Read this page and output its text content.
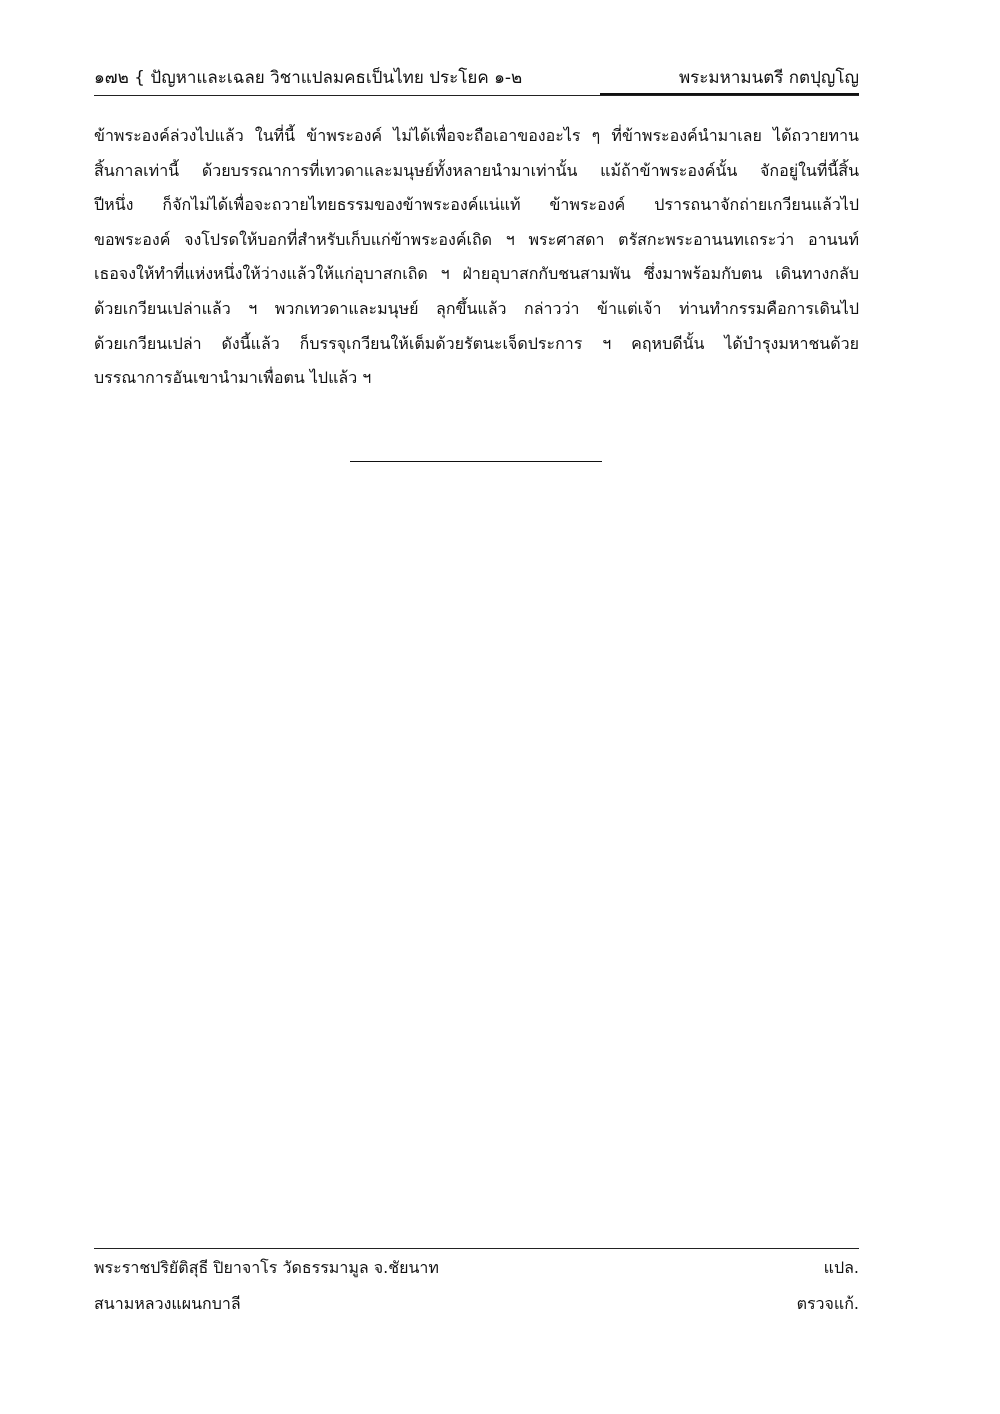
๑๗๒ { ปัญหาและเฉลย วิชาแปลมคธเป็นไทย ประโยค ๑-๒	พระมหามนตรี กตปุญโญ
ข้าพระองค์ล่วงไปแล้ว ในที่นี้ ข้าพระองค์ ไม่ได้เพื่อจะถือเอาของอะไร ๆ ที่ข้าพระองค์นำมาเลย ได้ถวายทาน
สิ้นกาลเท่านี้ ด้วยบรรณาการที่เทวดาและมนุษย์ทั้งหลายนำมาเท่านั้น แม้ถ้าข้าพระองค์นั้น จักอยู่ในที่นี้สิ้น
ปีหนึ่ง ก็จักไม่ได้เพื่อจะถวายไทยธรรมของข้าพระองค์แน่แท้ ข้าพระองค์ ปรารถนาจักถ่ายเกวียนแล้วไป
ขอพระองค์ จงโปรดให้บอกที่สำหรับเก็บแก่ข้าพระองค์เถิด ฯ พระศาสดา ตรัสกะพระอานนทเถระว่า อานนท์
เธอจงให้ทำที่แห่งหนึ่งให้ว่างแล้วให้แก่อุบาสกเถิด ฯ ฝ่ายอุบาสกกับชนสามพัน ซึ่งมาพร้อมกับตน เดินทางกลับ
ด้วยเกวียนเปล่าแล้ว ฯ พวกเทวดาและมนุษย์ ลุกขึ้นแล้ว กล่าวว่า ข้าแต่เจ้า ท่านทำกรรมคือการเดินไป
ด้วยเกวียนเปล่า ดังนี้แล้ว ก็บรรจุเกวียนให้เต็มด้วยรัตนะเจ็ดประการ ฯ คฤหบดีนั้น ได้บำรุงมหาชนด้วย
บรรณาการอันเขานำมาเพื่อตน ไปแล้ว ฯ
พระราชปริยัติสุธี ปิยาจาโร วัดธรรมามูล จ.ชัยนาท	แปล.
สนามหลวงแผนกบาลี	ตรวจแก้.
